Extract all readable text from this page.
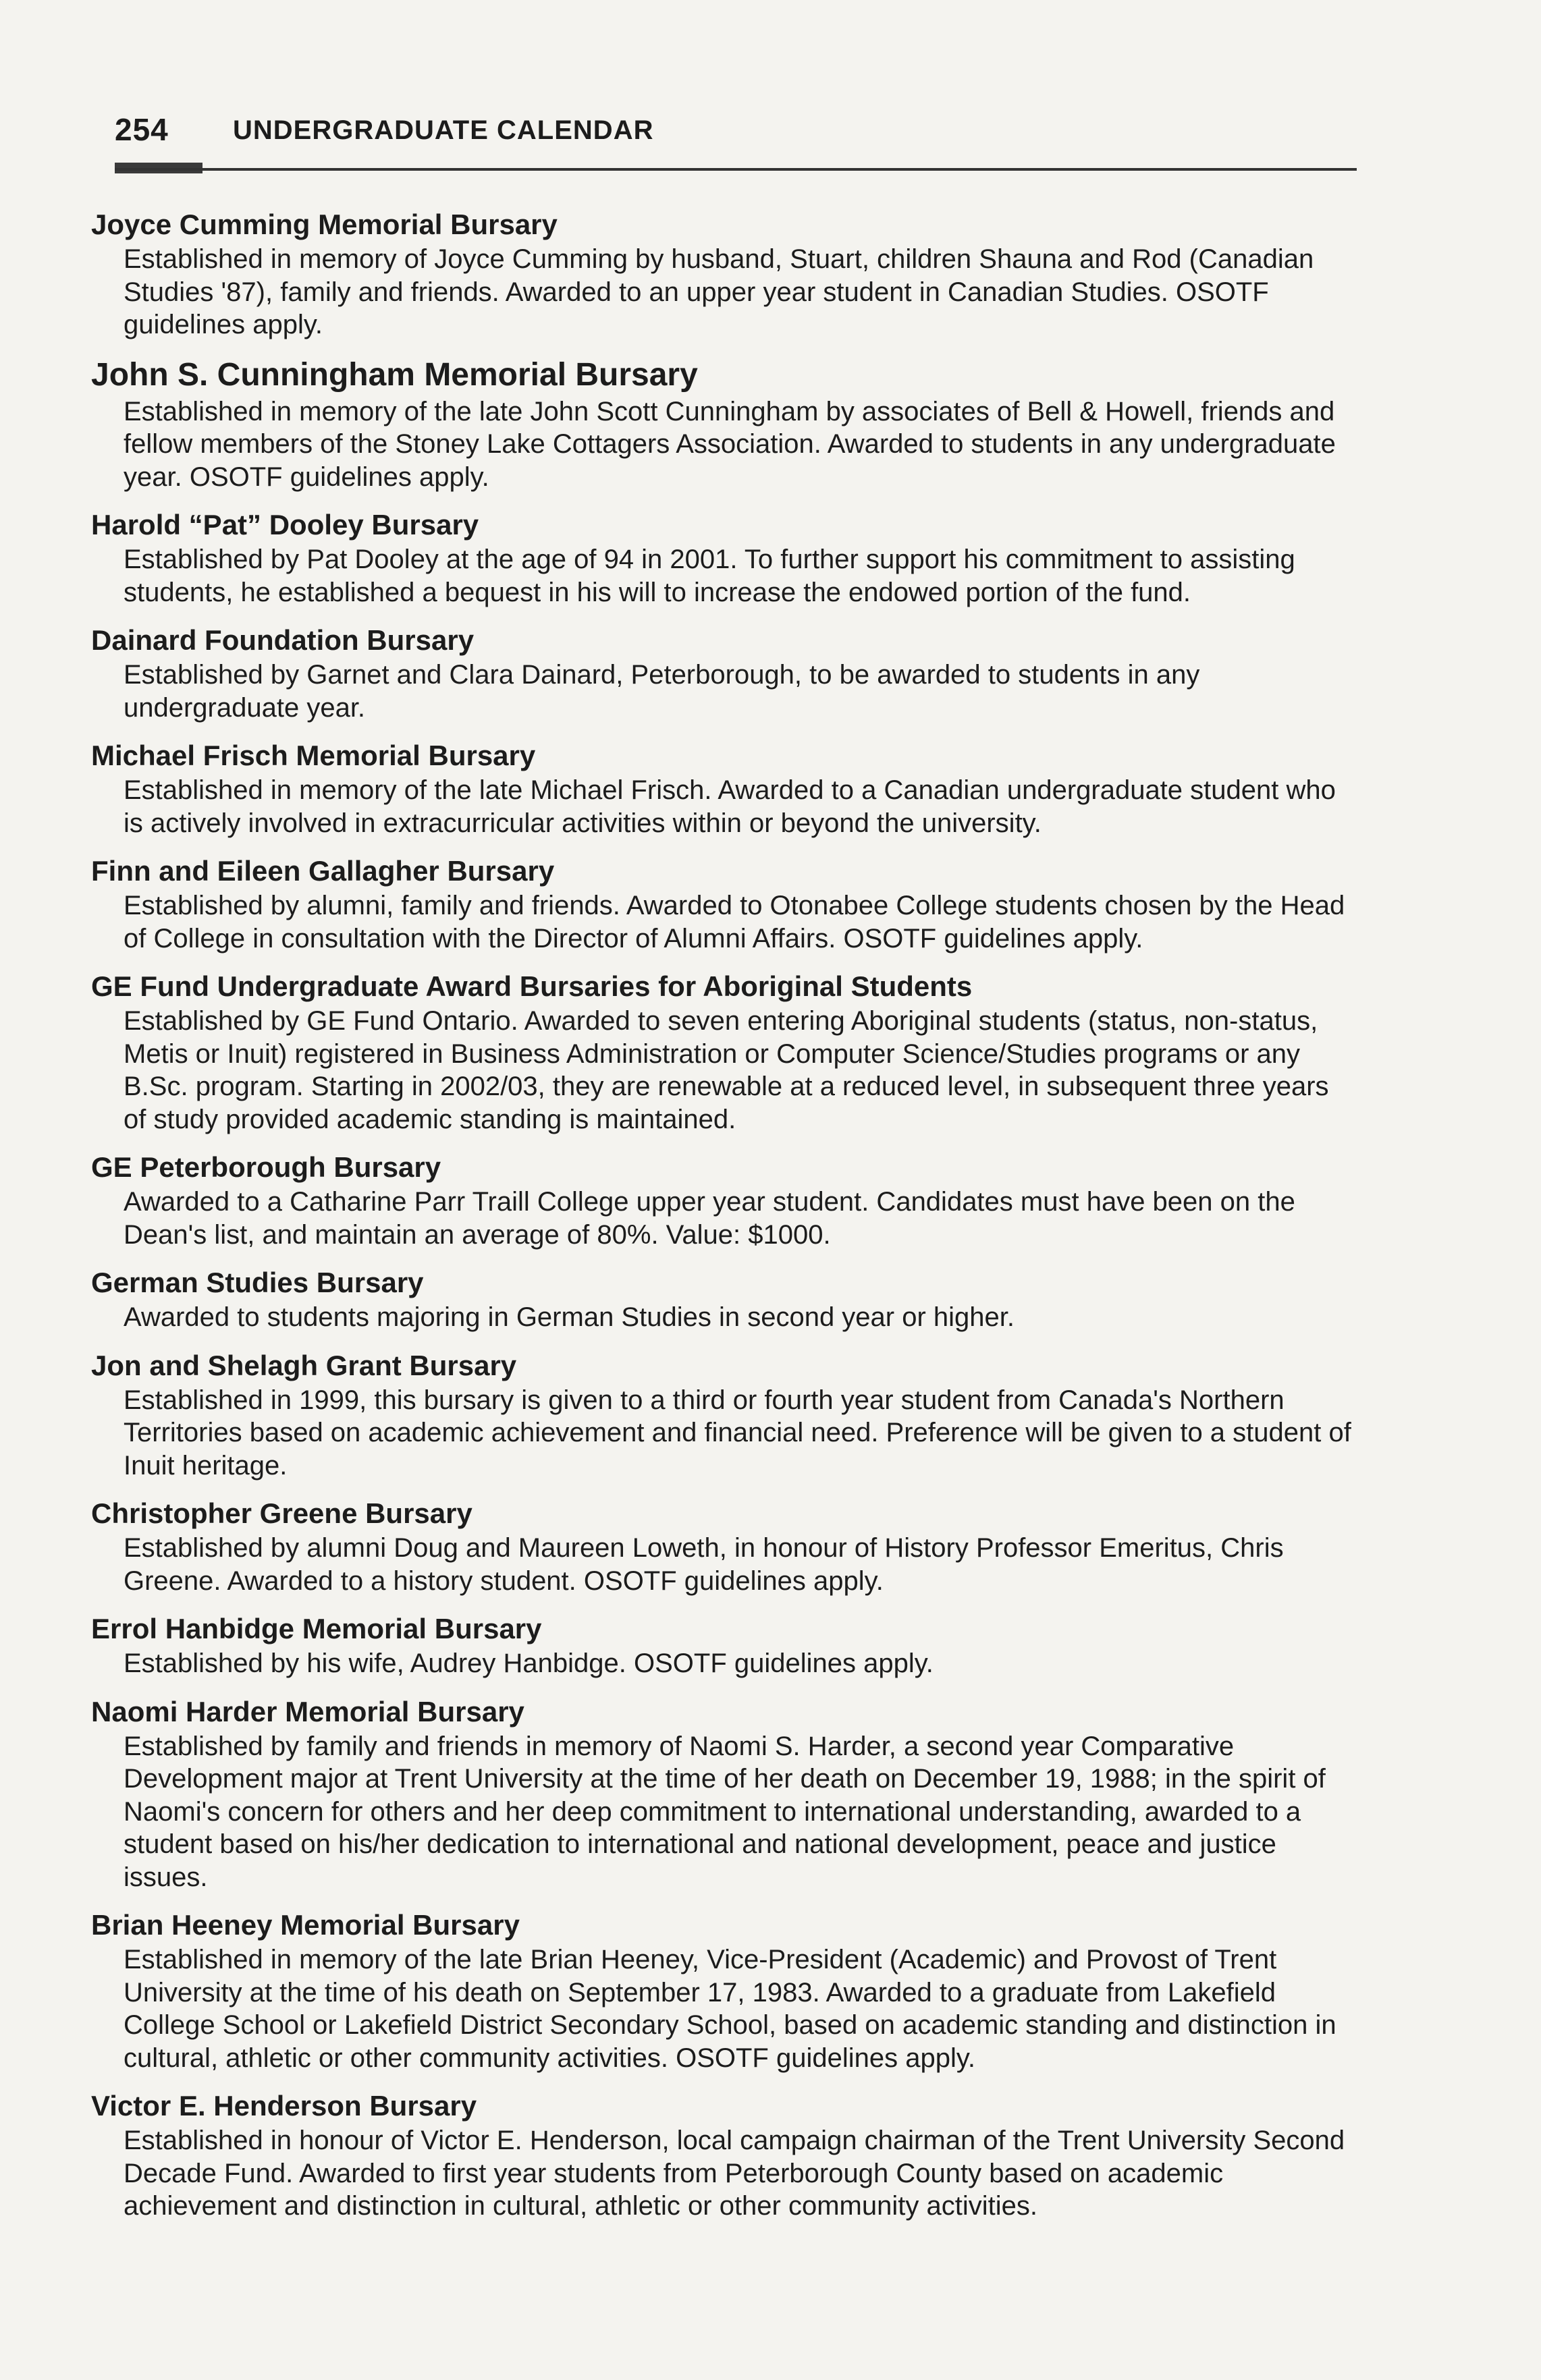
254 UNDERGRADUATE CALENDAR

Joyce Cumming Memorial Bursary

Established in memory of Joyce Cumming by husband, Stuart, children Shauna and Rod (Canadian Studies '87), family and friends. Awarded to an upper year student in Canadian Studies. OSOTF guidelines apply.

John S. Cunningham Memorial Bursary

Established in memory of the late John Scott Cunningham by associates of Bell & Howell, friends and fellow members of the Stoney Lake Cottagers Association. Awarded to students in any undergraduate year. OSOTF guidelines apply.

Harold “Pat” Dooley Bursary

Established by Pat Dooley at the age of 94 in 2001. To further support his commitment to assisting students, he established a bequest in his will to increase the endowed portion of the fund.

Dainard Foundation Bursary

Established by Garnet and Clara Dainard, Peterborough, to be awarded to students in any undergraduate year.

Michael Frisch Memorial Bursary

Established in memory of the late Michael Frisch. Awarded to a Canadian undergraduate student who is actively involved in extracurricular activities within or beyond the university.

Finn and Eileen Gallagher Bursary

Established by alumni, family and friends. Awarded to Otonabee College students chosen by the Head of College in consultation with the Director of Alumni Affairs. OSOTF guidelines apply.

GE Fund Undergraduate Award Bursaries for Aboriginal Students

Established by GE Fund Ontario. Awarded to seven entering Aboriginal students (status, non-status, Metis or Inuit) registered in Business Administration or Computer Science/Studies programs or any B.Sc. program. Starting in 2002/03, they are renewable at a reduced level, in subsequent three years of study provided academic standing is maintained.

GE Peterborough Bursary

Awarded to a Catharine Parr Traill College upper year student. Candidates must have been on the Dean's list, and maintain an average of 80%. Value: $1000.

German Studies Bursary

Awarded to students majoring in German Studies in second year or higher.

Jon and Shelagh Grant Bursary

Established in 1999, this bursary is given to a third or fourth year student from Canada's Northern Territories based on academic achievement and financial need. Preference will be given to a student of Inuit heritage.

Christopher Greene Bursary

Established by alumni Doug and Maureen Loweth, in honour of History Professor Emeritus, Chris Greene. Awarded to a history student. OSOTF guidelines apply.

Errol Hanbidge Memorial Bursary

Established by his wife, Audrey Hanbidge. OSOTF guidelines apply.

Naomi Harder Memorial Bursary

Established by family and friends in memory of Naomi S. Harder, a second year Comparative Development major at Trent University at the time of her death on December 19, 1988; in the spirit of Naomi's concern for others and her deep commitment to international understanding, awarded to a student based on his/her dedication to international and national development, peace and justice issues.

Brian Heeney Memorial Bursary

Established in memory of the late Brian Heeney, Vice-President (Academic) and Provost of Trent University at the time of his death on September 17, 1983. Awarded to a graduate from Lakefield College School or Lakefield District Secondary School, based on academic standing and distinction in cultural, athletic or other community activities. OSOTF guidelines apply.

Victor E. Henderson Bursary

Established in honour of Victor E. Henderson, local campaign chairman of the Trent University Second Decade Fund. Awarded to first year students from Peterborough County based on academic achievement and distinction in cultural, athletic or other community activities.
